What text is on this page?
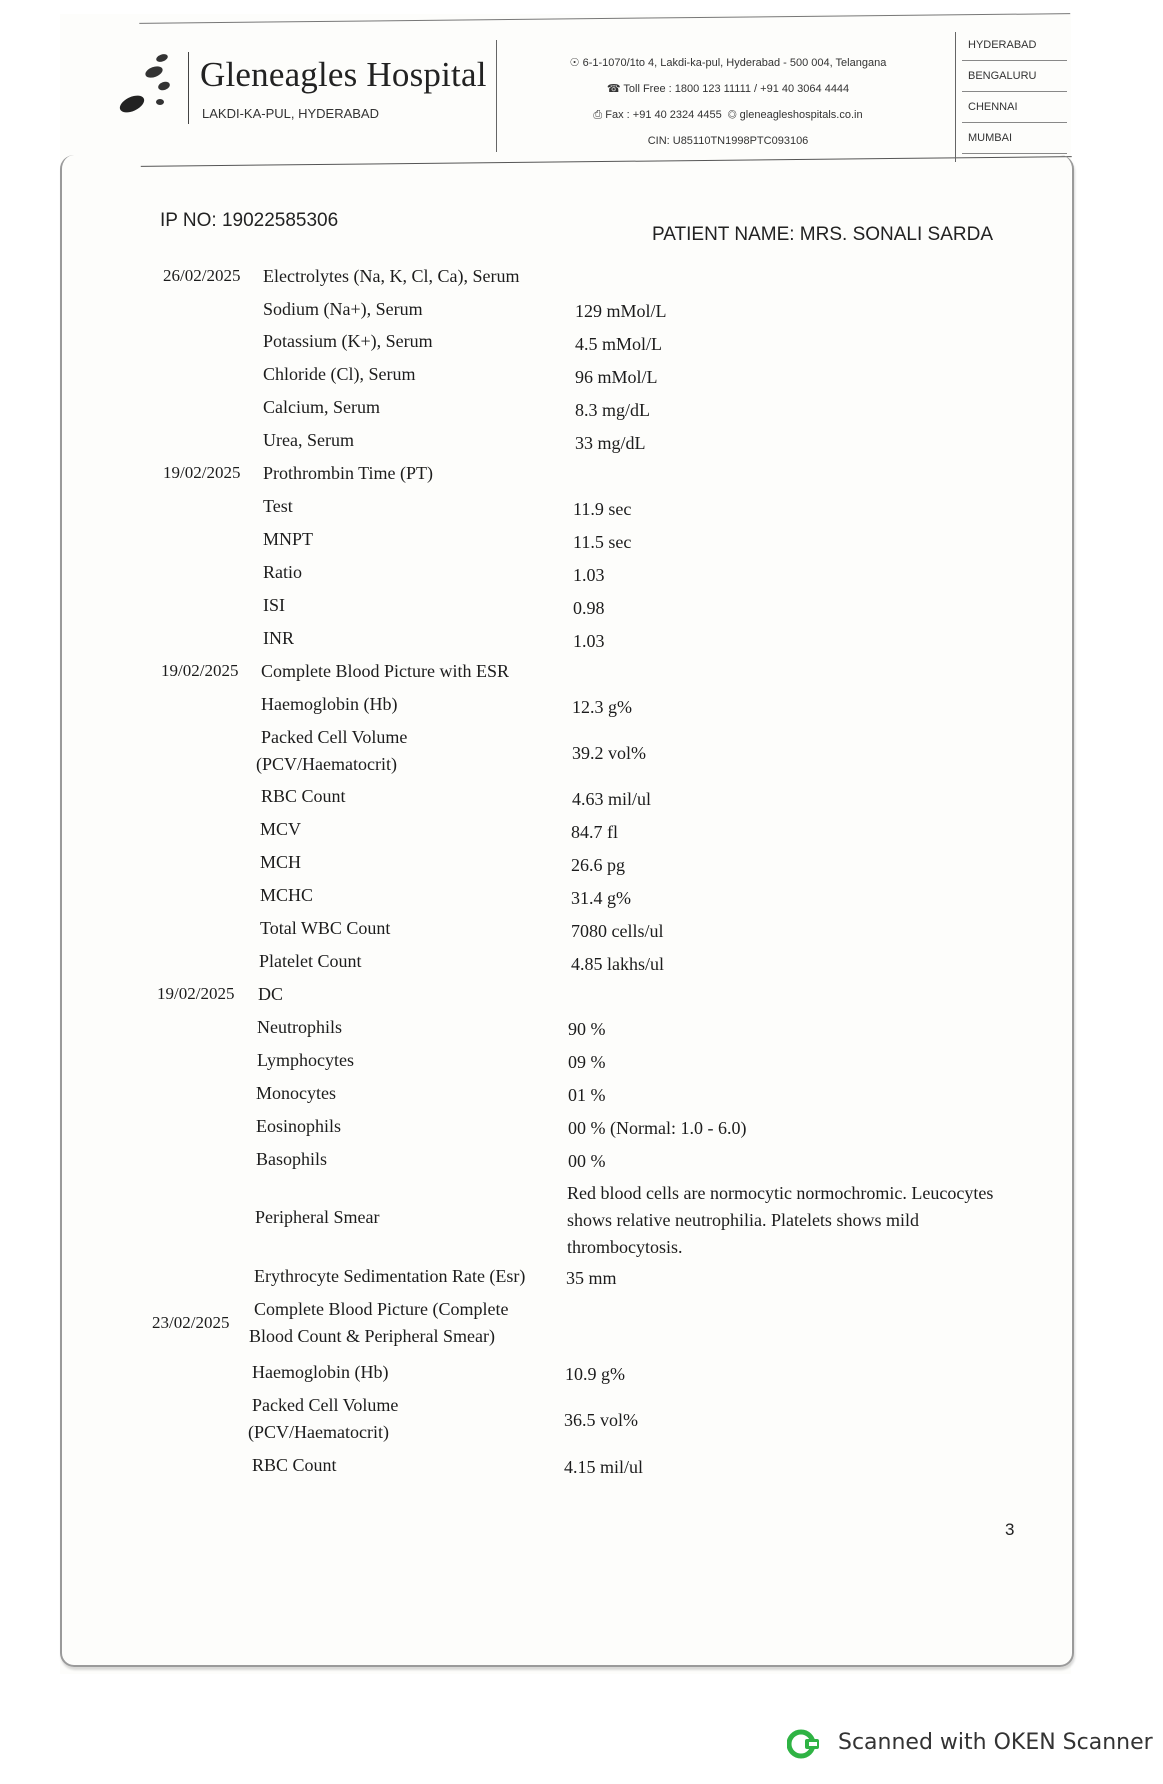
Gleneagles Hospital
LAKDI-KA-PUL, HYDERABAD
☉ 6-1-1070/1to 4, Lakdi-ka-pul, Hyderabad - 500 004, Telangana
☎ Toll Free : 1800 123 11111 / +91 40 3064 4444
⎙ Fax : +91 40 2324 4455  ◎ gleneagleshospitals.co.in
CIN: U85110TN1998PTC093106
HYDERABAD
BENGALURU
CHENNAI
MUMBAI
IP NO: 19022585306
PATIENT NAME: MRS. SONALI SARDA
26/02/2025 Electrolytes (Na, K, Cl, Ca), Serum
Sodium (Na+), Serum	129 mMol/L
Potassium (K+), Serum	4.5 mMol/L
Chloride (Cl), Serum	96 mMol/L
Calcium, Serum	8.3 mg/dL
Urea, Serum	33 mg/dL
19/02/2025 Prothrombin Time (PT)
Test	11.9 sec
MNPT	11.5 sec
Ratio	1.03
ISI	0.98
INR	1.03
19/02/2025 Complete Blood Picture with ESR
Haemoglobin (Hb)	12.3 g%
Packed Cell Volume
(PCV/Haematocrit)
39.2 vol%
RBC Count	4.63 mil/ul
MCV	84.7 fl
MCH	26.6 pg
MCHC	31.4 g%
Total WBC Count	7080 cells/ul
Platelet Count	4.85 lakhs/ul
19/02/2025 DC
Neutrophils	90 %
Lymphocytes	09 %
Monocytes	01 %
Eosinophils	00 % (Normal: 1.0 - 6.0)
Basophils	00 %
Peripheral Smear
Red blood cells are normocytic normochromic. Leucocytes shows relative neutrophilia. Platelets shows mild thrombocytosis.
Erythrocyte Sedimentation Rate (Esr) 35 mm
23/02/2025
Complete Blood Picture (Complete
Blood Count & Peripheral Smear)
Haemoglobin (Hb)	10.9 g%
Packed Cell Volume
(PCV/Haematocrit)
36.5 vol%
RBC Count	4.15 mil/ul
3
Scanned with OKEN Scanner
